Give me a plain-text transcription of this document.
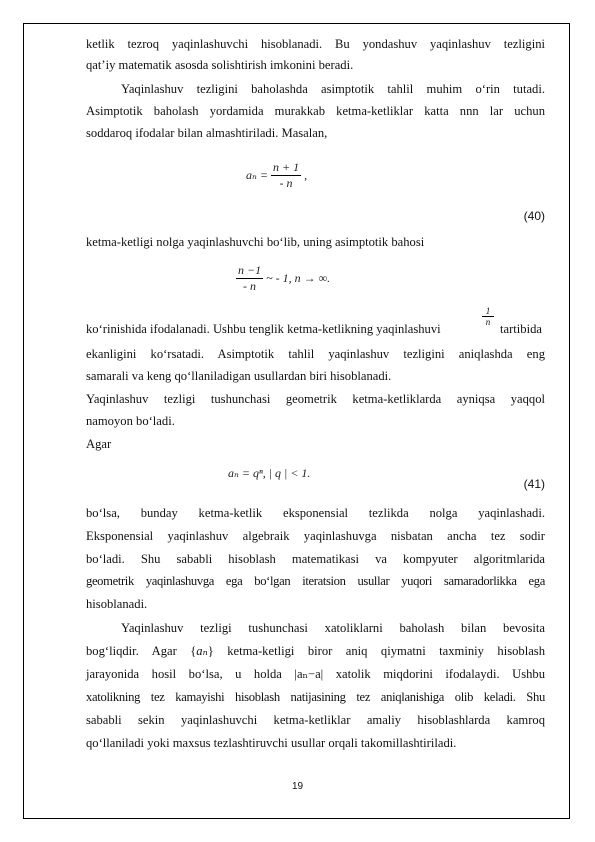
ketlik tezroq yaqinlashuvchi hisoblanadi. Bu yondashuv yaqinlashuv tezligini
qat’iy matematik asosda solishtirish imkonini beradi.
Yaqinlashuv tezligini baholashda asimptotik tahlil muhim o‘rin tutadi.
Asimptotik baholash yordamida murakkab ketma-ketliklar katta nnn lar uchun
soddaroq ifodalar bilan almashtiriladi. Masalan,
$a_n = \frac{n + 1}{- n}$ ,
(40)
ketma-ketligi nolga yaqinlashuvchi bo‘lib, uning asimptotik bahosi
$\frac{n -1}{- n}$ ~ - 1, n → ∞.
ko‘rinishida ifodalanadi. Ushbu tenglik ketma-ketlikning yaqinlashuvi
$\frac{1}{n}$
tartibida
ekanligini ko‘rsatadi. Asimptotik tahlil yaqinlashuv tezligini aniqlashda eng
samarali va keng qo‘llaniladigan usullardan biri hisoblanadi.
Yaqinlashuv tezligi tushunchasi geometrik ketma-ketliklarda ayniqsa yaqqol
namoyon bo‘ladi.
Agar
aₙ = qⁿ, | q | < 1.
(41)
bo‘lsa, bunday ketma-ketlik eksponensial tezlikda nolga yaqinlashadi.
Eksponensial yaqinlashuv algebraik yaqinlashuvga nisbatan ancha tez sodir
bo‘ladi. Shu sababli hisoblash matematikasi va kompyuter algoritmlarida
geometrik yaqinlashuvga ega bo‘lgan iteratsion usullar yuqori samaradorlikka ega
hisoblanadi.
Yaqinlashuv tezligi tushunchasi xatoliklarni baholash bilan bevosita
bog‘liqdir. Agar {aₙ} ketma-ketligi biror aniq qiymatni taxminiy hisoblash
jarayonida hosil bo‘lsa, u holda |aₙ−a| xatolik miqdorini ifodalaydi. Ushbu
xatolikning tez kamayishi hisoblash natijasining tez aniqlanishiga olib keladi. Shu
sababli sekin yaqinlashuvchi ketma-ketliklar amaliy hisoblashlarda kamroq
qo‘llaniladi yoki maxsus tezlashtiruvchi usullar orqali takomillashtiriladi.
19
